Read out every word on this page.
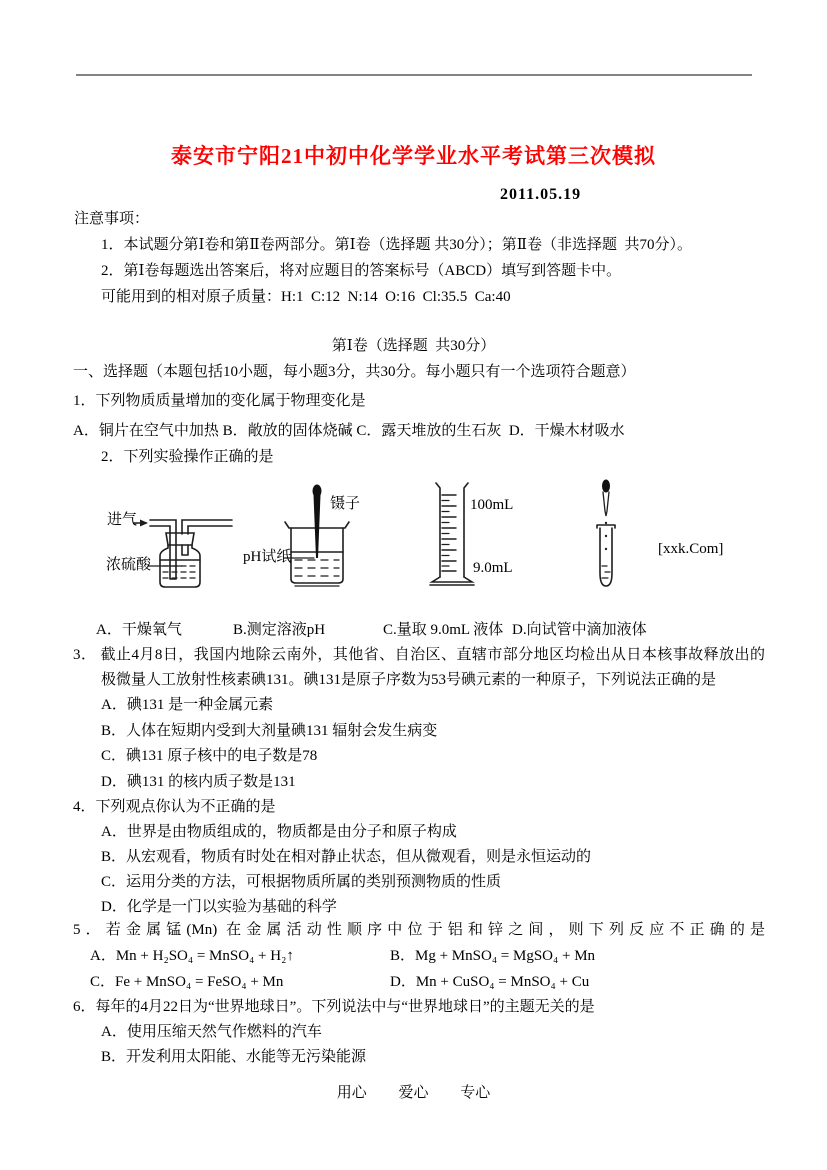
泰安市宁阳21中初中化学学业水平考试第三次模拟
2011.05.19
注意事项：
1．本试题分第Ⅰ卷和第Ⅱ卷两部分。第Ⅰ卷（选择题 共30分）；第Ⅱ卷（非选择题  共70分）。
2．第Ⅰ卷每题选出答案后，将对应题目的答案标号（ABCD）填写到答题卡中。
可能用到的相对原子质量：H:1  C:12  N:14  O:16  Cl:35.5  Ca:40
第Ⅰ卷（选择题  共30分）
一、选择题（本题包括10小题，每小题3分，共30分。每小题只有一个选项符合题意）
1．下列物质质量增加的变化属于物理变化是
A．铜片在空气中加热 B．敞放的固体烧碱 C．露天堆放的生石灰  D．干燥木材吸水
2．下列实验操作正确的是
进气
浓硫酸
镊子
pH试纸
100mL
9.0mL
[xxk.Com]
A．干燥氧气	B.测定溶液pH	C.量取 9.0mL 液体 D.向试管中滴加液体
3． 截止4月8日，我国内地除云南外，其他省、自治区、直辖市部分地区均检出从日本核事故释放出的
极微量人工放射性核素碘131。碘131是原子序数为53号碘元素的一种原子，下列说法正确的是
A．碘131 是一种金属元素
B．人体在短期内受到大剂量碘131 辐射会发生病变
C．碘131 原子核中的电子数是78
D．碘131 的核内质子数是131
4．下列观点你认为不正确的是
A．世界是由物质组成的，物质都是由分子和原子构成
B．从宏观看，物质有时处在相对静止状态，但从微观看，则是永恒运动的
C．运用分类的方法，可根据物质所属的类别预测物质的性质
D．化学是一门以实验为基础的科学
5．若金属锰(Mn) 在金属活动性顺序中位于铝和锌之间，则下列反应不正确的是
A．Mn + H₂SO₄ = MnSO₄ + H₂↑	B．Mg + MnSO₄ = MgSO₄ + Mn
C．Fe + MnSO₄ = FeSO₄ + Mn	D．Mn + CuSO₄ = MnSO₄ + Cu
6．每年的4月22日为“世界地球日”。下列说法中与“世界地球日”的主题无关的是
A．使用压缩天然气作燃料的汽车
B．开发利用太阳能、水能等无污染能源
用心 爱心 专心
